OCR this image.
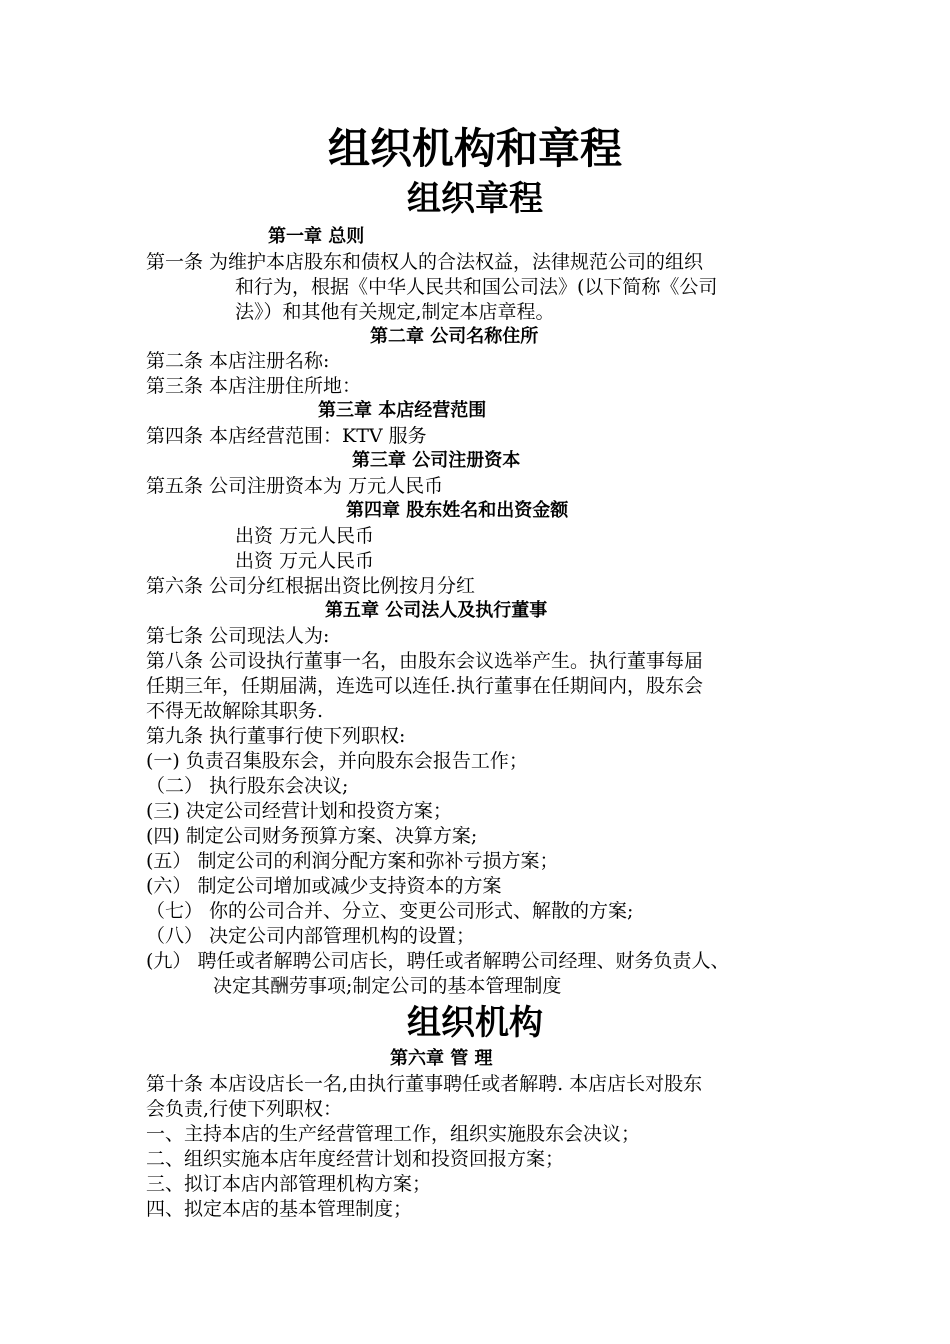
组织机构和章程
组织章程
第一章 总则
第一条 为维护本店股东和债权人的合法权益，法律规范公司的组织
和行为，根据《中华人民共和国公司法》(以下简称《公司
法》）和其他有关规定,制定本店章程。
第二章 公司名称住所
第二条 本店注册名称:
第三条 本店注册住所地：
第三章 本店经营范围
第四条 本店经营范围：KTV 服务
第三章 公司注册资本
第五条 公司注册资本为 万元人民币
第四章 股东姓名和出资金额
出资 万元人民币
出资 万元人民币
第六条 公司分红根据出资比例按月分红
第五章 公司法人及执行董事
第七条 公司现法人为:
第八条 公司设执行董事一名，由股东会议选举产生。执行董事每届
任期三年，任期届满，连选可以连任.执行董事在任期间内，股东会
不得无故解除其职务.
第九条 执行董事行使下列职权:
(一) 负责召集股东会，并向股东会报告工作；
（二） 执行股东会决议;
(三) 决定公司经营计划和投资方案；
(四) 制定公司财务预算方案、决算方案;
(五） 制定公司的利润分配方案和弥补亏损方案；
(六） 制定公司增加或减少支持资本的方案
（七） 你的公司合并、分立、变更公司形式、解散的方案;
（八） 决定公司内部管理机构的设置；
(九） 聘任或者解聘公司店长，聘任或者解聘公司经理、财务负责人、
决定其酬劳事项;制定公司的基本管理制度
组织机构
第六章 管 理
第十条 本店设店长一名,由执行董事聘任或者解聘. 本店店长对股东
会负责,行使下列职权：
一、主持本店的生产经营管理工作，组织实施股东会决议；
二、组织实施本店年度经营计划和投资回报方案；
三、拟订本店内部管理机构方案；
四、拟定本店的基本管理制度；
